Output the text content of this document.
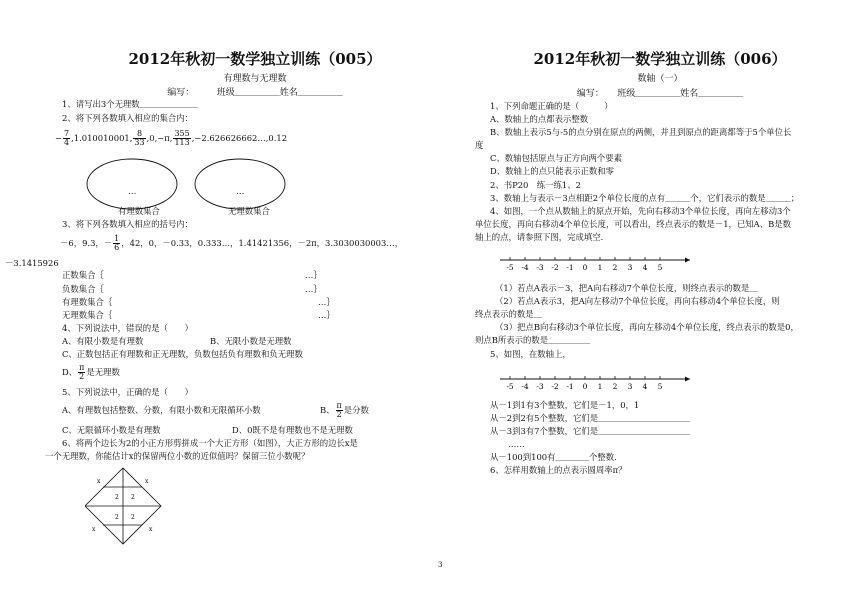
2012年秋初一数学独立训练（005）
有理数与无理数
编写：　　　班级＿＿＿＿＿姓名＿＿＿＿＿
1、请写出3个无理数＿＿＿＿＿＿＿
2、将下列各数填入相应的集合内：
− $\frac{7}{4} ,1.010010001$, $\frac{8}{33} ,0,-\pi$, $\frac{355}{113}$ ,−2.626626662…,0.12
…	…
有理数集合	无理数集合
3、将下列各数填入相应的括号内：
－6，9.3，－ $\frac{1}{6}$ ，42，0，－0.33，0.333…，1.41421356，－2π，3.3030030003…，
－3.1415926
正数集合｛	…｝
负数集合｛	…｝
有理数集合｛	…｝
无理数集合｛	…｝
4、下列说法中，错误的是（　　）
A、有限小数是有理数	B、无限小数是无理数
C、正数包括正有理数和正无理数，负数包括负有理数和负无理数
D、 $\frac{\pi}{2}$ 是无理数
5、下列说法中，正确的是（　　）
A、有理数包括整数、分数，有限小数和无限循环小数	B、 $\frac{\pi}{2}$ 是分数
C、无限循环小数是有理数	D、0既不是有理数也不是无理数
6、将两个边长为2的小正方形剪拼成一个大正方形（如图），大正方形的边长x是
一个无理数，你能估计x的保留两位小数的近似值吗？保留三位小数呢？
x
2 2
2 2
x
x	x
2012年秋初一数学独立训练（006）
数轴（一）
编写：　　班级＿＿＿＿＿姓名＿＿＿＿＿
1、下列命题正确的是（　　　）
A、数轴上的点都表示整数
B、数轴上表示5与-5的点分别在原点的两侧，并且到原点的距离都等于5个单位长
度
C、数轴包括原点与正方向两个要素
D、数轴上的点只能表示正数和零
2、书P20　练一练1、2
3、数轴上与表示－3点相距2个单位长度的点有＿＿＿个，它们表示的数是＿＿＿；
4、如图，一个点从数轴上的原点开始，先向右移动3个单位长度，再向左移动3个
单位长度，再向右移动4个单位长度，可以看出，终点表示的数是－1，已知A、B是数
轴上的点，请参照下图，完成填空.
-5 -4 -3 -2 -1 0 1 2 3 4 5
（1）若点A表示－3，把A向右移动7个单位长度，则终点表示的数是＿
（2）若点A表示3，把A向左移动7个单位长度，再向右移动4个单位长度，则
终点表示的数是＿
（3）把点B向右移动3个单位长度，再向左移动4个单位长度，终点表示的数是0，
则点B所表示的数是＿＿＿＿＿
5、如图，在数轴上，
-5 -4 -3 -2 -1 0 1 2 3 4 5
从－1到1有3个整数，它们是－1，0，1
从－2到2有5个整数，它们是＿＿＿＿＿＿＿＿＿＿＿
从－3到3有7个整数，它们是＿＿＿＿＿＿＿＿＿＿＿
……
从－100到100有＿＿＿＿个整数.
6、怎样用数轴上的点表示圆周率π？
3
